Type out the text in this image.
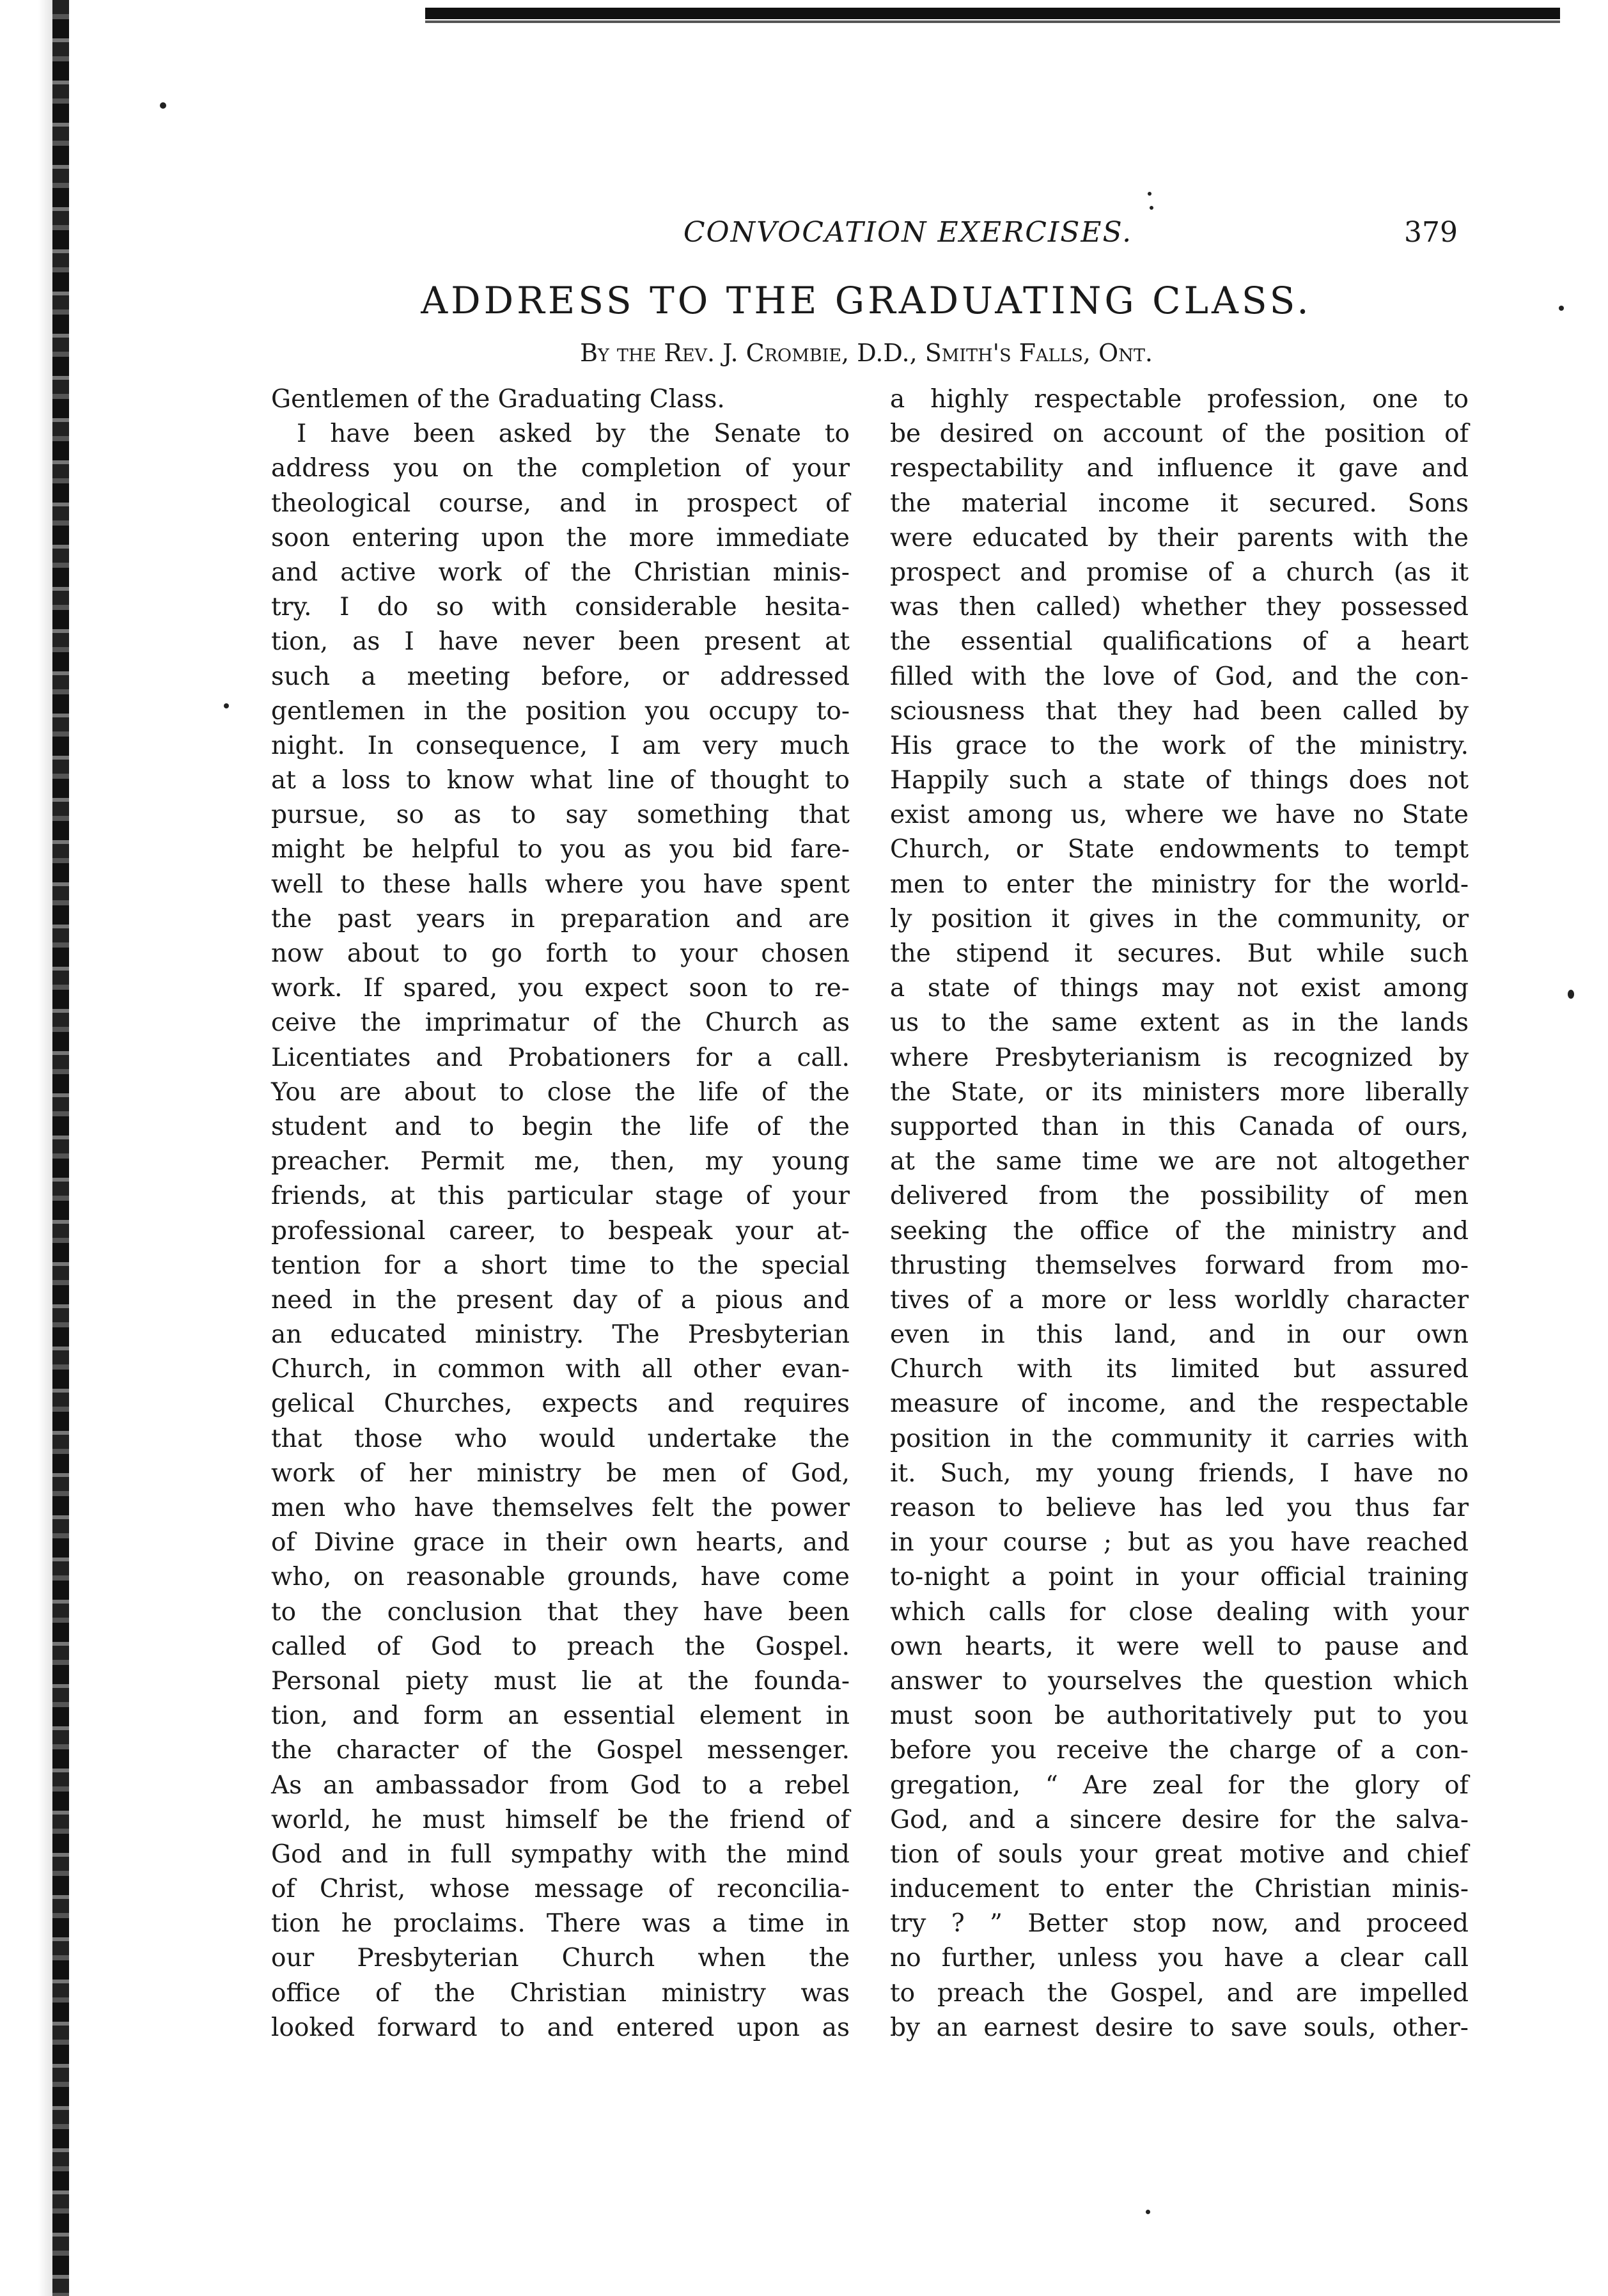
CONVOCATION EXERCISES.	379
ADDRESS TO THE GRADUATING CLASS.
By the Rev. J. Crombie, D.D., Smith's Falls, Ont.
Gentlemen of the Graduating Class.
I have been asked by the Senate to
address you on the completion of your
theological course, and in prospect of
soon entering upon the more immediate
and active work of the Christian minis-
try. I do so with considerable hesita-
tion, as I have never been present at
such a meeting before, or addressed
gentlemen in the position you occupy to-
night. In consequence, I am very much
at a loss to know what line of thought to
pursue, so as to say something that
might be helpful to you as you bid fare-
well to these halls where you have spent
the past years in preparation and are
now about to go forth to your chosen
work. If spared, you expect soon to re-
ceive the imprimatur of the Church as
Licentiates and Probationers for a call.
You are about to close the life of the
student and to begin the life of the
preacher. Permit me, then, my young
friends, at this particular stage of your
professional career, to bespeak your at-
tention for a short time to the special
need in the present day of a pious and
an educated ministry. The Presbyterian
Church, in common with all other evan-
gelical Churches, expects and requires
that those who would undertake the
work of her ministry be men of God,
men who have themselves felt the power
of Divine grace in their own hearts, and
who, on reasonable grounds, have come
to the conclusion that they have been
called of God to preach the Gospel.
Personal piety must lie at the founda-
tion, and form an essential element in
the character of the Gospel messenger.
As an ambassador from God to a rebel
world, he must himself be the friend of
God and in full sympathy with the mind
of Christ, whose message of reconcilia-
tion he proclaims. There was a time in
our Presbyterian Church when the
office of the Christian ministry was
looked forward to and entered upon as
a highly respectable profession, one to
be desired on account of the position of
respectability and influence it gave and
the material income it secured. Sons
were educated by their parents with the
prospect and promise of a church (as it
was then called) whether they possessed
the essential qualifications of a heart
filled with the love of God, and the con-
sciousness that they had been called by
His grace to the work of the ministry.
Happily such a state of things does not
exist among us, where we have no State
Church, or State endowments to tempt
men to enter the ministry for the world-
ly position it gives in the community, or
the stipend it secures. But while such
a state of things may not exist among
us to the same extent as in the lands
where Presbyterianism is recognized by
the State, or its ministers more liberally
supported than in this Canada of ours,
at the same time we are not altogether
delivered from the possibility of men
seeking the office of the ministry and
thrusting themselves forward from mo-
tives of a more or less worldly character
even in this land, and in our own
Church with its limited but assured
measure of income, and the respectable
position in the community it carries with
it. Such, my young friends, I have no
reason to believe has led you thus far
in your course ; but as you have reached
to-night a point in your official training
which calls for close dealing with your
own hearts, it were well to pause and
answer to yourselves the question which
must soon be authoritatively put to you
before you receive the charge of a con-
gregation, “ Are zeal for the glory of
God, and a sincere desire for the salva-
tion of souls your great motive and chief
inducement to enter the Christian minis-
try ? ” Better stop now, and proceed
no further, unless you have a clear call
to preach the Gospel, and are impelled
by an earnest desire to save souls, other-
